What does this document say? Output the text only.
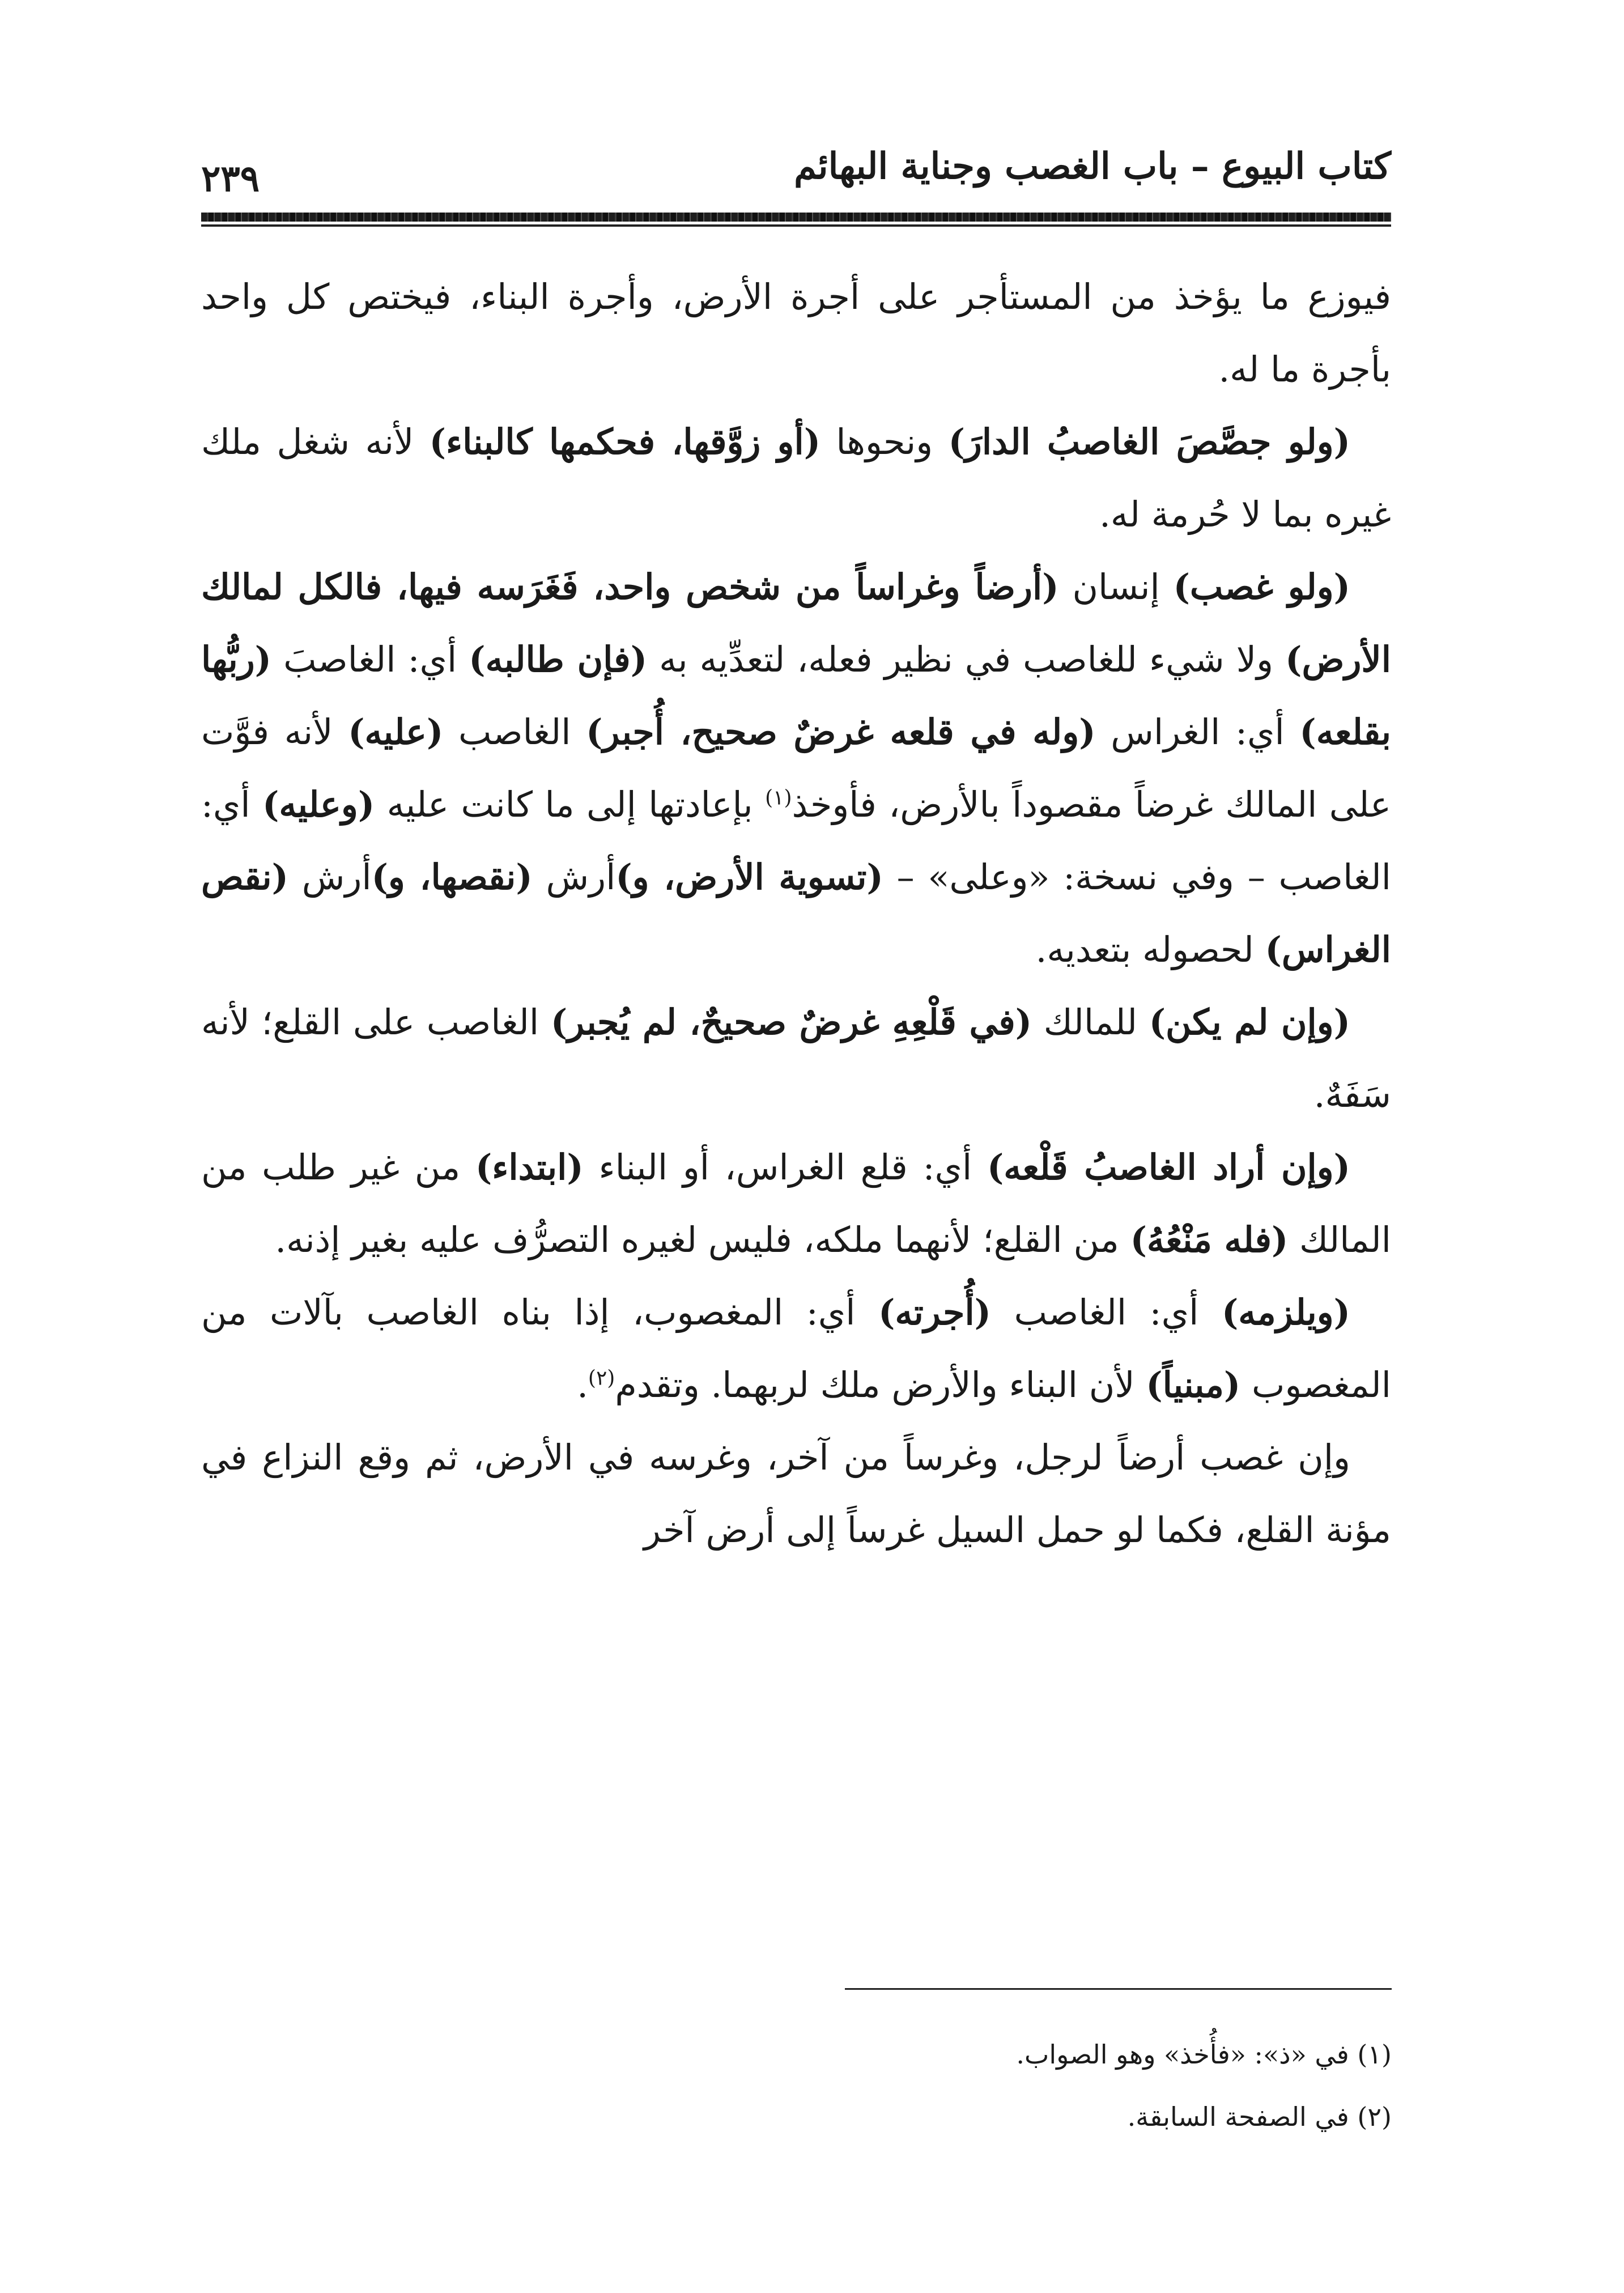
كتاب البيوع – باب الغصب وجناية البهائم
٢٣٩

فيوزع ما يؤخذ من المستأجر على أجرة الأرض، وأجرة البناء، فيختص كل واحد بأجرة ما له.

(ولو جصَّصَ الغاصبُ الدارَ) ونحوها (أو زوَّقها، فحكمها كالبناء) لأنه شغل ملك غيره بما لا حُرمة له.

(ولو غصب) إنسان (أرضاً وغراساً من شخص واحد، فَغَرَسه فيها، فالكل لمالك الأرض) ولا شيء للغاصب في نظير فعله، لتعدِّيه به (فإن طالبه) أي: الغاصبَ (ربُّها بقلعه) أي: الغراس (وله في قلعه غرضٌ صحيح، أُجبر) الغاصب (عليه) لأنه فوَّت على المالك غرضاً مقصوداً بالأرض، فأوخذ$^{(١)}$ بإعادتها إلى ما كانت عليه (وعليه) أي: الغاصب – وفي نسخة: «وعلى» – (تسوية الأرض، و)أرش (نقصها، و)أرش (نقص الغراس) لحصوله بتعديه.

(وإن لم يكن) للمالك (في قَلْعِهِ غرضٌ صحيحٌ، لم يُجبر) الغاصب على القلع؛ لأنه سَفَهٌ.

(وإن أراد الغاصبُ قَلْعه) أي: قلع الغراس، أو البناء (ابتداء) من غير طلب من المالك (فله مَنْعُهُ) من القلع؛ لأنهما ملكه، فليس لغيره التصرُّف عليه بغير إذنه.

(ويلزمه) أي: الغاصب (أُجرته) أي: المغصوب، إذا بناه الغاصب بآلات من المغصوب (مبنياً) لأن البناء والأرض ملك لربهما. وتقدم$^{(٢)}$.

وإن غصب أرضاً لرجل، وغرساً من آخر، وغرسه في الأرض، ثم وقع النزاع في مؤنة القلع، فكما لو حمل السيل غرساً إلى أرض آخر

(١) في «ذ»: «فأُخذ» وهو الصواب.

(٢) في الصفحة السابقة.
